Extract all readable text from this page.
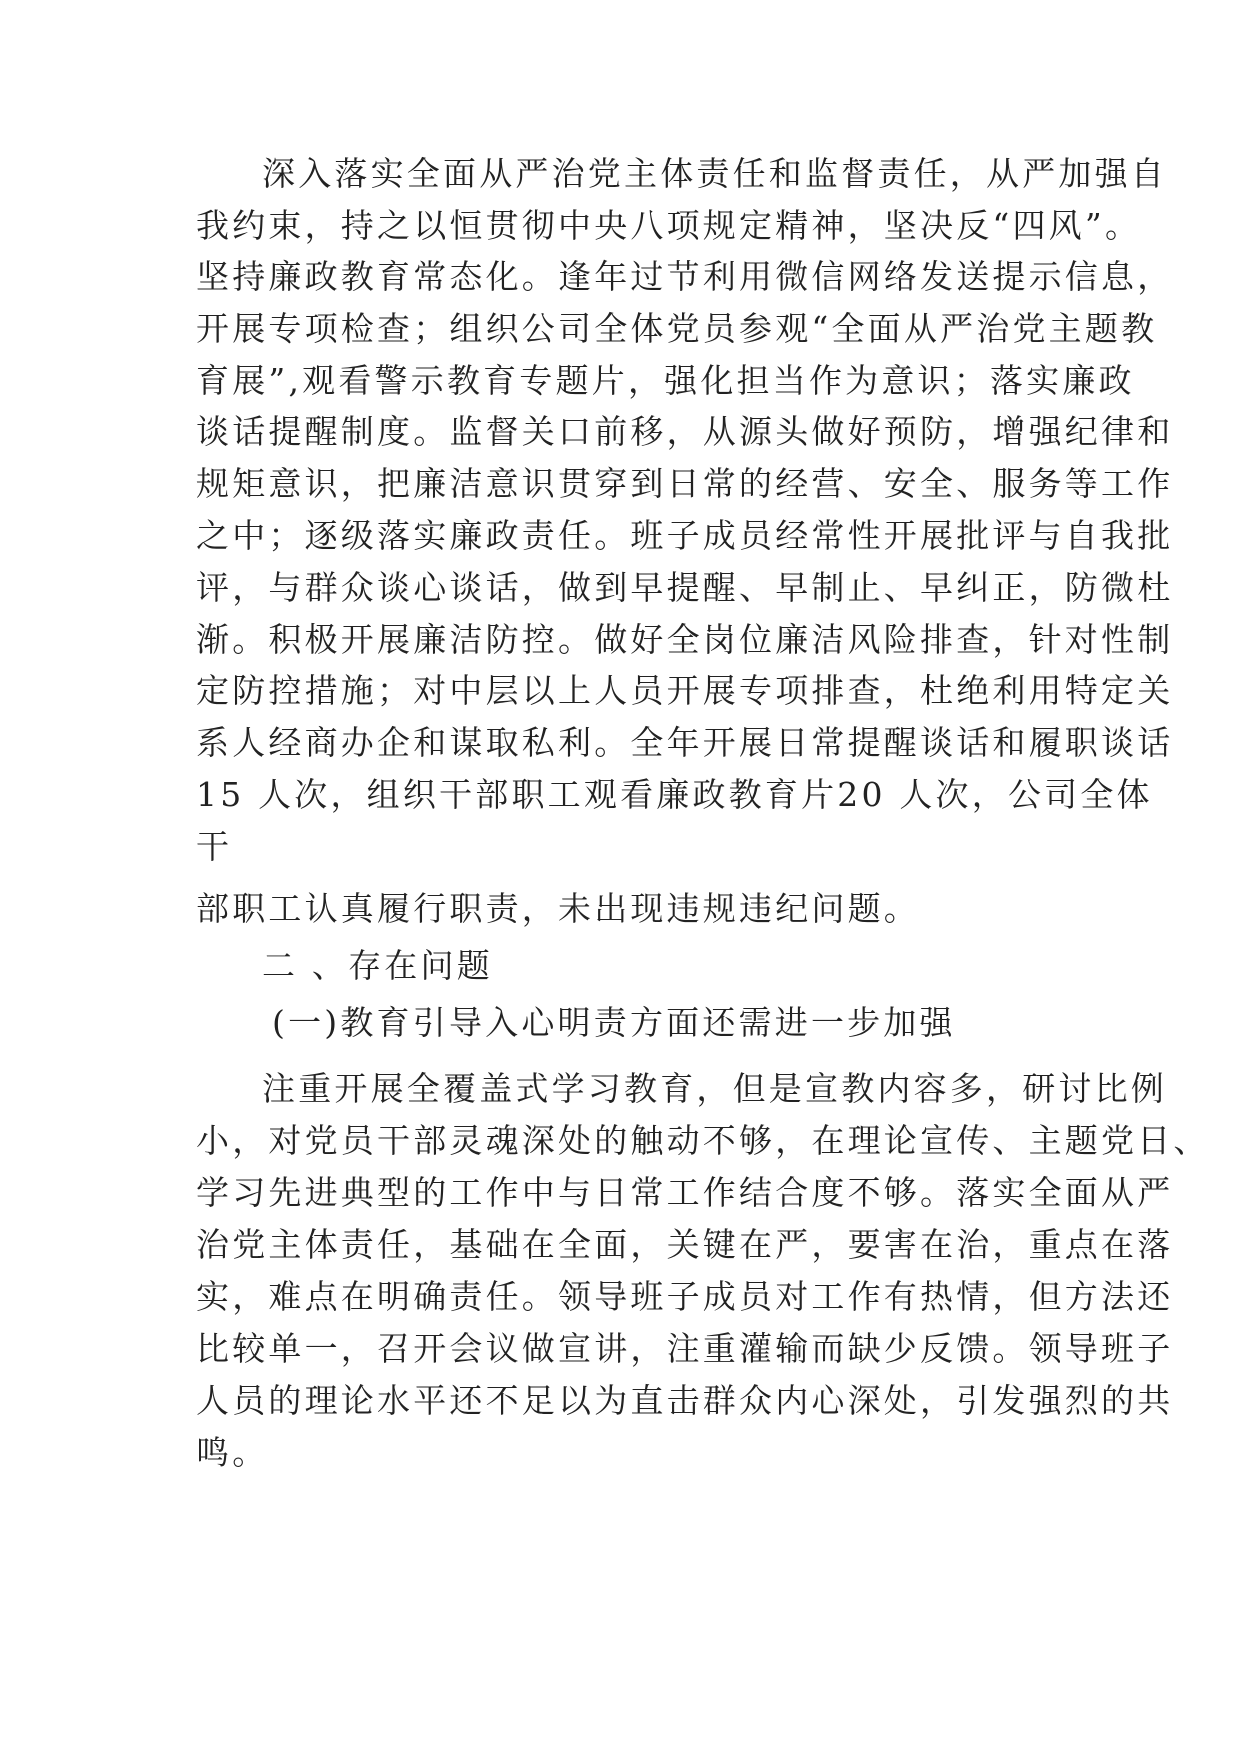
深入落实全面从严治党主体责任和监督责任，从严加强自
我约束，持之以恒贯彻中央八项规定精神，坚决反“四风”。
坚持廉政教育常态化。逢年过节利用微信网络发送提示信息，
开展专项检查；组织公司全体党员参观“全面从严治党主题教
育展”,观看警示教育专题片，强化担当作为意识；落实廉政
谈话提醒制度。监督关口前移，从源头做好预防，增强纪律和
规矩意识，把廉洁意识贯穿到日常的经营、安全、服务等工作
之中；逐级落实廉政责任。班子成员经常性开展批评与自我批
评，与群众谈心谈话，做到早提醒、早制止、早纠正，防微杜
渐。积极开展廉洁防控。做好全岗位廉洁风险排查，针对性制
定防控措施；对中层以上人员开展专项排查，杜绝利用特定关
系人经商办企和谋取私利。全年开展日常提醒谈话和履职谈话
15 人次，组织干部职工观看廉政教育片20 人次，公司全体
干
部职工认真履行职责，未出现违规违纪问题。
二 、存在问题
(一)教育引导入心明责方面还需进一步加强
注重开展全覆盖式学习教育，但是宣教内容多，研讨比例
小，对党员干部灵魂深处的触动不够，在理论宣传、主题党日、
学习先进典型的工作中与日常工作结合度不够。落实全面从严
治党主体责任，基础在全面，关键在严，要害在治，重点在落
实，难点在明确责任。领导班子成员对工作有热情，但方法还
比较单一，召开会议做宣讲，注重灌输而缺少反馈。领导班子
人员的理论水平还不足以为直击群众内心深处，引发强烈的共
鸣。
